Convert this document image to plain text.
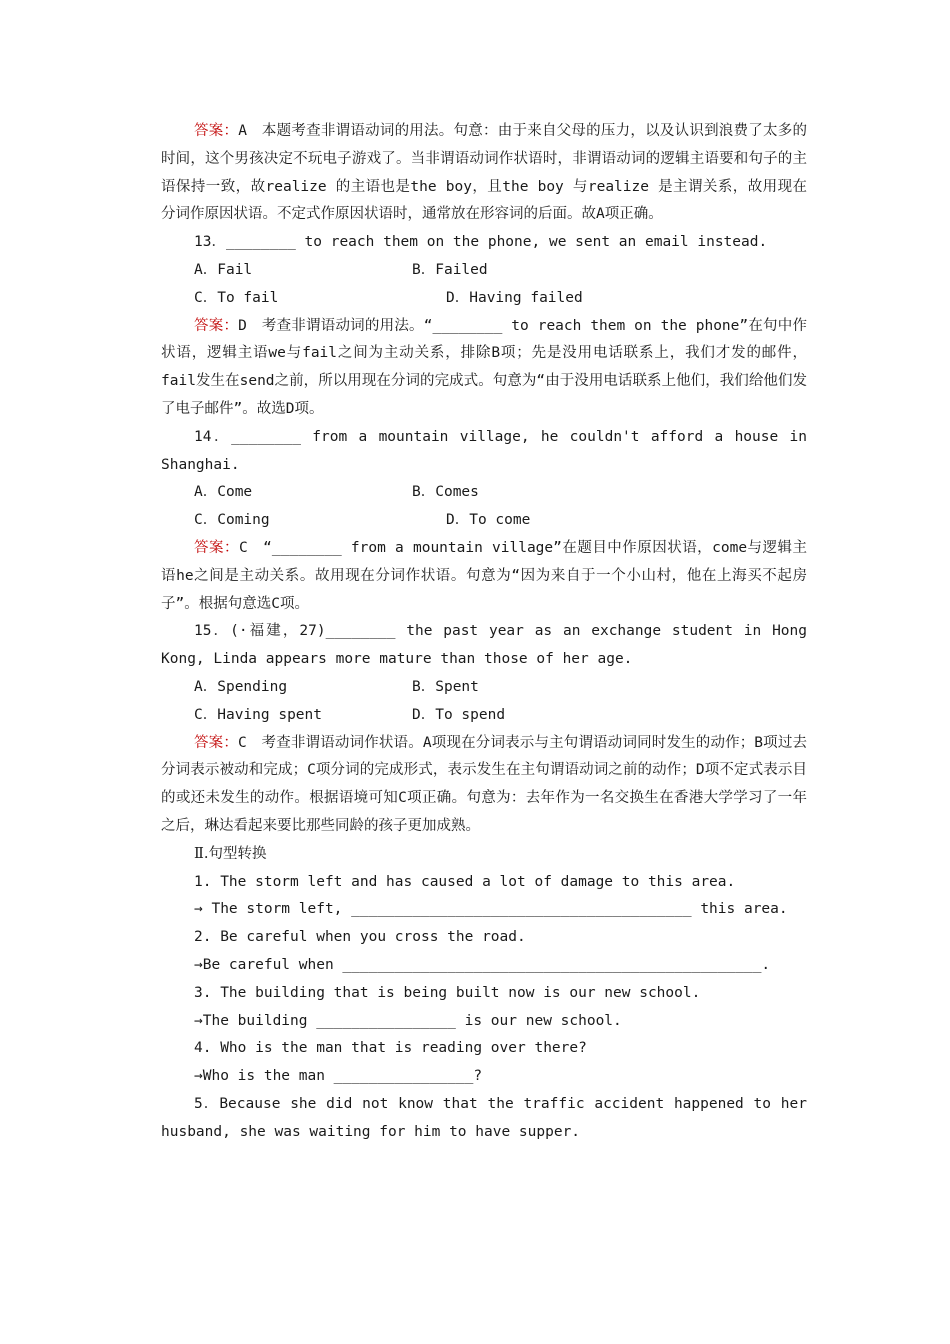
答案：A　本题考查非谓语动词的用法。句意：由于来自父母的压力，以及认识到浪费了太多的时间，这个男孩决定不玩电子游戏了。当非谓语动词作状语时，非谓语动词的逻辑主语要和句子的主语保持一致，故realize 的主语也是the boy，且the boy 与realize 是主谓关系，故用现在分词作原因状语。不定式作原因状语时，通常放在形容词的后面。故A项正确。

13．________ to reach them on the phone, we sent an email instead.

A．Fail	B．Failed
C．To fail	D．Having failed

答案：D　考查非谓语动词的用法。“________ to reach them on the phone”在句中作状语，逻辑主语we与fail之间为主动关系，排除B项；先是没用电话联系上，我们才发的邮件，fail发生在send之前，所以用现在分词的完成式。句意为“由于没用电话联系上他们，我们给他们发了电子邮件”。故选D项。

14．________ from a mountain village, he couldn't afford a house in Shanghai.

A．Come	B．Comes
C．Coming	D．To come

答案：C　“________ from a mountain village”在题目中作原因状语，come与逻辑主语he之间是主动关系。故用现在分词作状语。句意为“因为来自于一个小山村，他在上海买不起房子”。根据句意选C项。

15．(·福建，27)________ the past year as an exchange student in Hong Kong, Linda appears more mature than those of her age.

A．Spending	B．Spent
C．Having spent	D．To spend

答案：C　考查非谓语动词作状语。A项现在分词表示与主句谓语动词同时发生的动作；B项过去分词表示被动和完成；C项分词的完成形式，表示发生在主句谓语动词之前的动作；D项不定式表示目的或还未发生的动作。根据语境可知C项正确。句意为：去年作为一名交换生在香港大学学习了一年之后，琳达看起来要比那些同龄的孩子更加成熟。

Ⅱ.句型转换

1. The storm left and has caused a lot of damage to this area.

→ The storm left, _______________________________________ this area.

2. Be careful when you cross the road.

→Be careful when ________________________________________________.

3. The building that is being built now is our new school.

→The building ________________ is our new school.

4. Who is the man that is reading over there?

→Who is the man ________________?

5．Because she did not know that the traffic accident happened to her husband, she was waiting for him to have supper.
